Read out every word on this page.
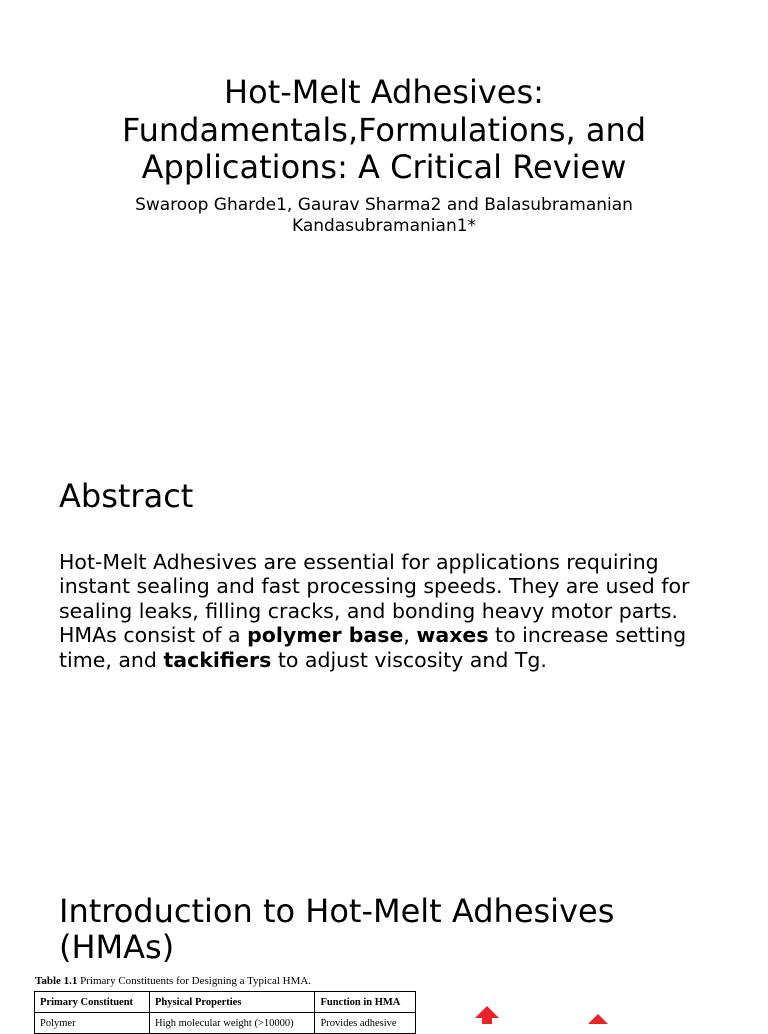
Hot-Melt Adhesives: Fundamentals,Formulations, and Applications: A Critical Review

Swaroop Gharde1, Gaurav Sharma2 and Balasubramanian Kandasubramanian1*

Abstract

Hot-Melt Adhesives are essential for applications requiring instant sealing and fast processing speeds. They are used for sealing leaks, filling cracks, and bonding heavy motor parts. HMAs consist of a polymer base, waxes to increase setting time, and tackifiers to adjust viscosity and Tg.

Introduction to Hot-Melt Adhesives (HMAs)

Table 1.1 Primary Constituents for Designing a Typical HMA.

Primary Constituent	Physical Properties	Function in HMA
Polymer	High molecular weight (>10000)	Provides adhesive
